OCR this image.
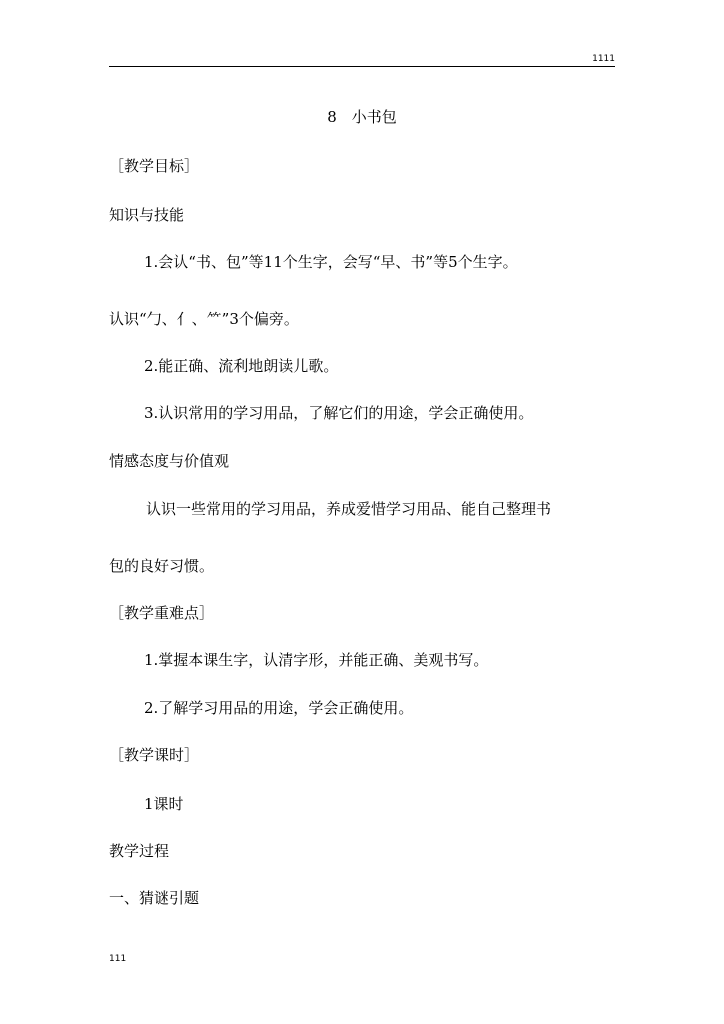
1111
8　小书包
［教学目标］
知识与技能
1.会认“书、包”等11个生字，会写“早、书”等5个生字。
认识“勹、亻、⺮”3个偏旁。
2.能正确、流利地朗读儿歌。
3.认识常用的学习用品，了解它们的用途，学会正确使用。
情感态度与价值观
认识一些常用的学习用品，养成爱惜学习用品、能自己整理书
包的良好习惯。
［教学重难点］
1.掌握本课生字，认清字形，并能正确、美观书写。
2.了解学习用品的用途，学会正确使用。
［教学课时］
1课时
教学过程
一、猜谜引题
111
